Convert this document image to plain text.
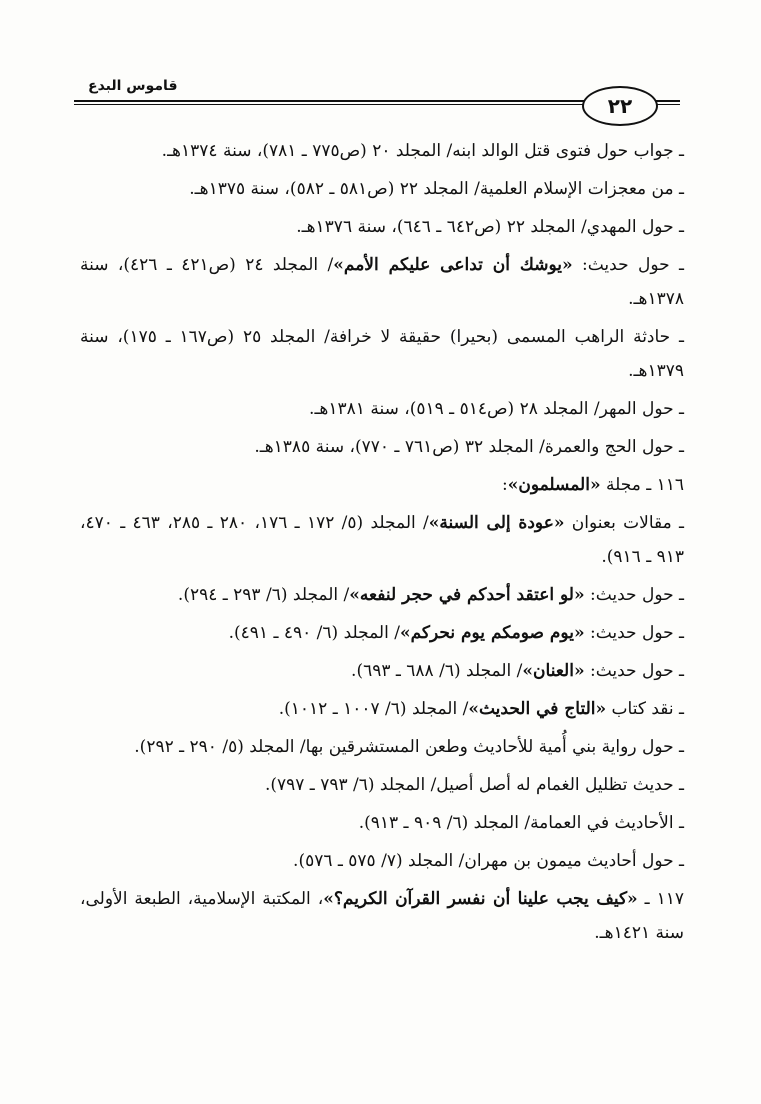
قاموس البدع
٢٢

ـ جواب حول فتوى قتل الوالد ابنه/ المجلد ٢٠ (ص٧٧٥ ـ ٧٨١)، سنة ١٣٧٤هـ.

ـ من معجزات الإسلام العلمية/ المجلد ٢٢ (ص٥٨١ ـ ٥٨٢)، سنة ١٣٧٥هـ.

ـ حول المهدي/ المجلد ٢٢ (ص٦٤٢ ـ ٦٤٦)، سنة ١٣٧٦هـ.

ـ حول حديث: «يوشك أن تداعى عليكم الأمم»/ المجلد ٢٤ (ص٤٢١ ـ ٤٢٦)، سنة ١٣٧٨هـ.

ـ حادثة الراهب المسمى (بحيرا) حقيقة لا خرافة/ المجلد ٢٥ (ص١٦٧ ـ ١٧٥)، سنة ١٣٧٩هـ.

ـ حول المهر/ المجلد ٢٨ (ص٥١٤ ـ ٥١٩)، سنة ١٣٨١هـ.

ـ حول الحج والعمرة/ المجلد ٣٢ (ص٧٦١ ـ ٧٧٠)، سنة ١٣٨٥هـ.

١١٦ ـ مجلة «المسلمون»:

ـ مقالات بعنوان «عودة إلى السنة»/ المجلد (٥/ ١٧٢ ـ ١٧٦، ٢٨٠ ـ ٢٨٥، ٤٦٣ ـ ٤٧٠، ٩١٣ ـ ٩١٦).

ـ حول حديث: «لو اعتقد أحدكم في حجر لنفعه»/ المجلد (٦/ ٢٩٣ ـ ٢٩٤).

ـ حول حديث: «يوم صومكم يوم نحركم»/ المجلد (٦/ ٤٩٠ ـ ٤٩١).

ـ حول حديث: «العنان»/ المجلد (٦/ ٦٨٨ ـ ٦٩٣).

ـ نقد كتاب «التاج في الحديث»/ المجلد (٦/ ١٠٠٧ ـ ١٠١٢).

ـ حول رواية بني أُمية للأحاديث وطعن المستشرقين بها/ المجلد (٥/ ٢٩٠ ـ ٢٩٢).

ـ حديث تظليل الغمام له أصل أصيل/ المجلد (٦/ ٧٩٣ ـ ٧٩٧).

ـ الأحاديث في العمامة/ المجلد (٦/ ٩٠٩ ـ ٩١٣).

ـ حول أحاديث ميمون بن مهران/ المجلد (٧/ ٥٧٥ ـ ٥٧٦).

١١٧ ـ «كيف يجب علينا أن نفسر القرآن الكريم؟»، المكتبة الإسلامية، الطبعة الأولى، سنة ١٤٢١هـ.
